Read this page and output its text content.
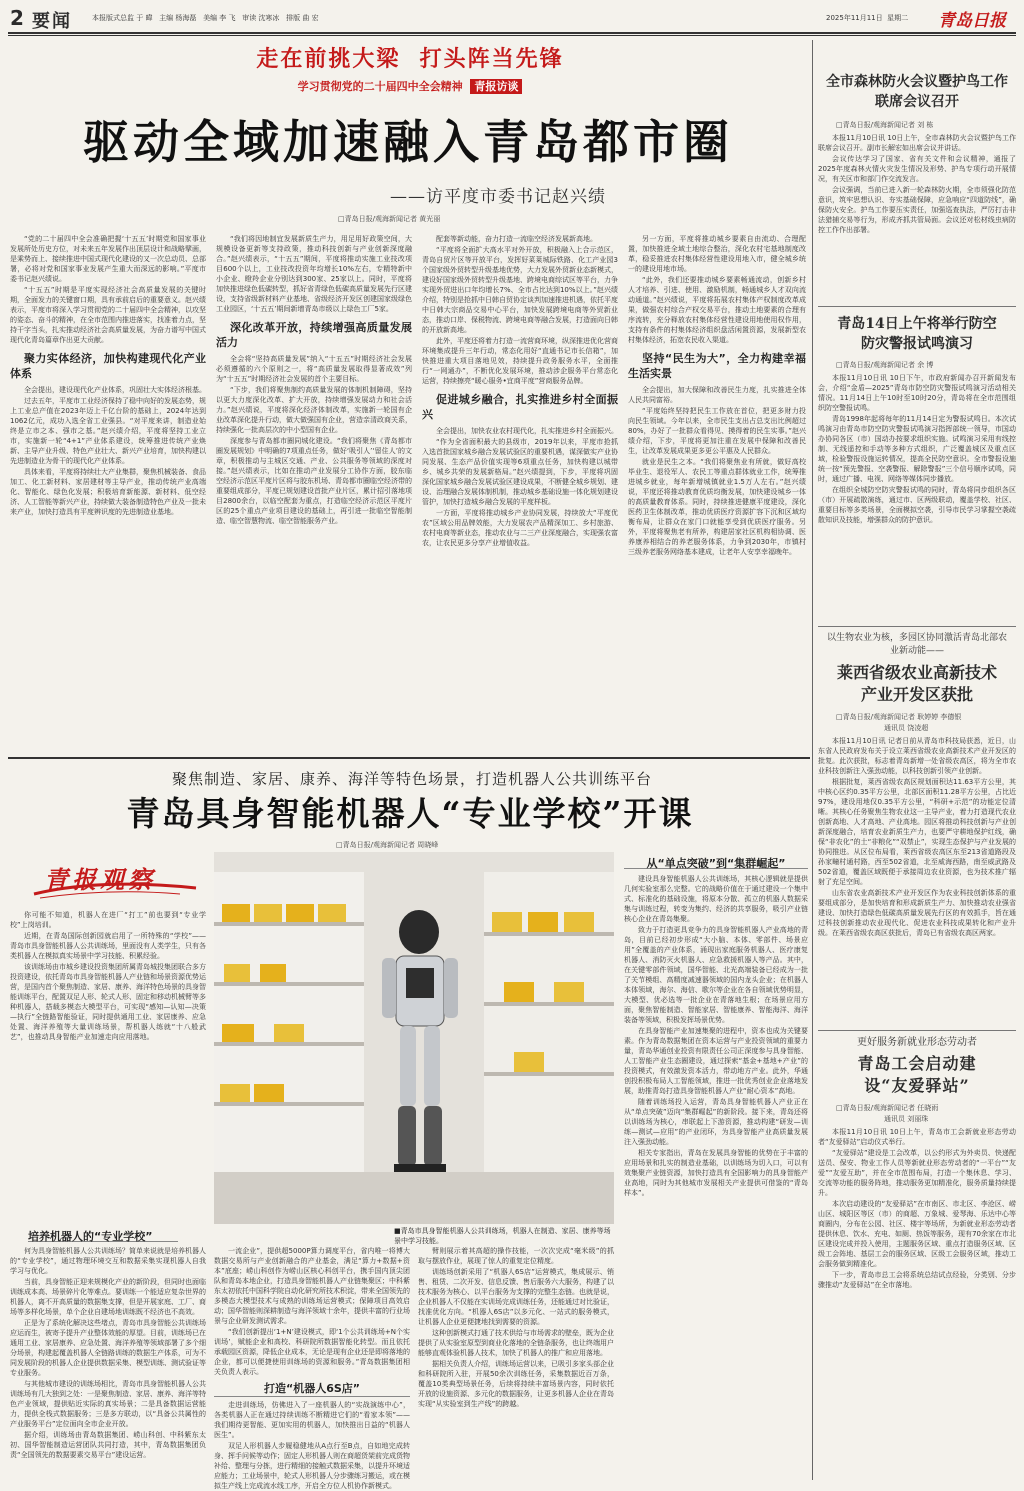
2 要闻	本报版式总监 于 暐 主编 杨海磊 美编 李 飞 审读 沈寒冰 排版 曲 宏	2025年11月11日 星期二 青岛日报
走在前挑大梁  打头阵当先锋
学习贯彻党的二十届四中全会精神 青报访谈
驱动全域加速融入青岛都市圈
——访平度市委书记赵兴绩
□青岛日报/观海新闻记者 黄光丽

“党的二十届四中全会准确把握‘十五五’时期党和国家事业发展所处历史方位，对未来五年发展作出顶层设计和战略擘画，是乘势而上、接续推进中国式现代化建设的又一次总动员、总部署，必将对党和国家事业发展产生重大而深远的影响。”平度市委书记赵兴绩说。

“十五五”时期是平度实现经济社会高质量发展的关键时期，全面发力的关键窗口期，具有承前启后的重要意义。赵兴绩表示，平度市将深入学习贯彻党的二十届四中全会精神，以攻坚的姿态、奋斗的精神，在全市范围内推进落实，找准着力点，坚持干字当头，扎实推动经济社会高质量发展，为奋力谱写中国式现代化青岛篇章作出更大贡献。

聚力实体经济，加快构建现代化产业体系

全会提出，建设现代化产业体系，巩固壮大实体经济根基。

过去五年，平度市工业经济保持了稳中向好的发展态势，规上工业总产值在2023年迈上千亿台阶的基础上，2024年达到1062亿元，成功入选全省工业强县。“对平度来讲，制造业始终是立市之本、强市之基。”赵兴绩介绍，平度将坚持工业立市，实施新一轮“4+1”产业体系建设，统筹推进传统产业焕新、主导产业升级、特色产业壮大、新兴产业培育，加快构建以先进制造业为骨干的现代化产业体系。

具体来看，平度将持续壮大产业集群，聚焦机械装备、食品加工、化工新材料、家居建材等主导产业，推动传统产业高端化、智能化、绿色化发展；积极培育新能源、新材料、低空经济、人工智能等新兴产业，持续做大装备制造特色产业及一批未来产业，加快打造具有平度辨识度的先进制造业基地。

“我们将因地制宜发展新质生产力，用足用好政策空间，大规模设备更新等支持政策，推动科技创新与产业创新深度融合。”赵兴绩表示，“十五五”期间，平度将推动实施工业技改项目600个以上，工业技改投资年均增长10%左右，专精特新中小企业、瞪羚企业分别达到300家、25家以上。同时，平度将加快推进绿色低碳转型，抓好省青绿色低碳高质量发展先行区建设，支持省级新材料产业基地、省级经济开发区创建国家级绿色工业园区，‘十五五’期间新增青岛市级以上绿色工厂5家。

深化改革开放，持续增强高质量发展活力

全会将“坚持高质量发展”纳入“十五五”时期经济社会发展必须遵循的六个原则之一，将“高质量发展取得显著成效”列为“十五五”时期经济社会发展的首个主要目标。

“下步，我们将聚焦制约高质量发展的体制机制障碍，坚持以更大力度深化改革、扩大开放，持续增强发展动力和社会活力。”赵兴绩说，平度将深化经济体制改革，实施新一轮国有企业改革深化提升行动，做大做强国有企业，营造亲清政商关系，持续强化一批高层次的中小型国有企业。

深度参与青岛都市圈同城化建设。“我们将聚焦《青岛都市圈发展规划》中明确的7项重点任务，做好‘吸引人’‘留住人’的文章，积极推动与主城区交通、产业、公共服务等领域的深度对接。”赵兴绩表示，比如在推动产业发展分工协作方面，胶东临空经济示范区平度片区将与胶东机场、青岛都市圈临空经济带的重要组成部分，平度已规划建设首批产业片区，累计招引落地项目2800余台，以临空配套为重点，打造临空经济示范区平度片区的25个重点产业项目建设的基础上，再引进一批临空智能制造、临空智慧物流、临空智能服务产业。

配套等新动能，奋力打造一流临空经济发展新高地。

“平度将全面扩大高水平对外开放，积极融入上合示范区，青岛自贸片区等开放平台，发挥好菜莱城际铁路、化工产业园3个国家级外贸转型升级基地优势，大力发展外贸新业态新模式，建设好国家级外贸转型升级基地、跨境电商综试区等平台，力争实现外贸进出口年均增长7%、全市占比达到10%以上。”赵兴绩介绍，特别是抢抓中日韩自贸协定谈判加速推进机遇，依托平度中日韩大宗商品交易中心平台，加快发展跨境电商等外贸新业态，推动口岸、保税物流、跨境电商等融合发展，打造面向日韩的开放新高地。

此外，平度还将着力打造一流营商环境，纵深推进优化营商环境集成提升三年行动，常态化用好“直通书记市长信箱”，加快推进重大项目落地见效，持续提升政务服务水平，全面推行“一网通办”，不断优化发展环境，推动涉企服务平台常态化运营，持续擦亮“暖心服务•宜商平度”营商服务品牌。

促进城乡融合，扎实推进乡村全面振兴

全会提出，加快农业农村现代化，扎实推进乡村全面振兴。

“作为全省面积最大的县级市，2019年以来，平度市抢抓入选首批国家城乡融合发展试验区的重要机遇，谋深做实产业协同发展、生态产品价值实现等6项重点任务，加快构建以城带乡、城乡共荣的发展新格局。”赵兴绩提到，下步，平度将巩固深化国家城乡融合发展试验区建设成果，不断健全城乡规划、建设、治理融合发展体制机制，推动城乡基础设施一体化规划建设管护，加快打造城乡融合发展的平度样板。

一方面，平度将推动城乡产业协同发展，持续放大“平度优农”区域公用品牌效能，大力发展农产品精深加工、乡村旅游、农村电商等新业态，推动农业与二三产业深度融合，实现强农富农，让农民更多分享产业增值收益。

另一方面，平度将推动城乡要素自由流动、合理配置，加快推进全域土地综合整治，深化农村宅基地制度改革，稳妥推进农村集体经营性建设用地入市，健全城乡统一的建设用地市场。

“此外，我们还要推动城乡要素畅通流动，创新乡村人才培养、引进、使用、激励机制，畅通城乡人才双向流动通道。”赵兴绩说，平度将拓展农村集体产权制度改革成果，做强农村综合产权交易平台，推动土地要素的合理有序流转，充分释放农村集体经营性建设用地使用权作用，支持有条件的村集体经济组织盘活闲置资源，发展新型农村集体经济，拓宽农民收入渠道。

坚持“民生为大”，全力构建幸福生活实景

全会提出，加大保障和改善民生力度，扎实推进全体人民共同富裕。

“平度始终坚持把民生工作放在首位，把更多财力投向民生领域。今年以来，全市民生支出占总支出比例超过80%，办好了一批群众看得见、摸得着的民生实事。”赵兴绩介绍，下步，平度将更加注重在发展中保障和改善民生，让改革发展成果更多更公平惠及人民群众。

就业是民生之本。“我们将聚焦业有所就，做好高校毕业生、退役军人、农民工等重点群体就业工作，统筹推进城乡就业，每年新增城镇就业1.5万人左右。”赵兴绩说，平度还将推动教育优质均衡发展，加快建设城乡一体的高质量教育体系。同时，持续推进健康平度建设，深化医药卫生体制改革，推动优质医疗资源扩容下沉和区域均衡布局，让群众在家门口就能享受到优质医疗服务。另外，平度将聚焦老有所养，构建居家社区机构相协调、医养康养相结合的养老服务体系，力争到2030年，市镇村三级养老服务网络基本建成，让老年人安享幸福晚年。

聚焦制造、家居、康养、海洋等特色场景，打造机器人公共训练平台
青岛具身智能机器人“专业学校”开课
□青岛日报/观海新闻记者 周晓峰
青报观察

你可能不知道，机器人在进厂“打工”前也要到“专业学校”上岗培训。

近期，在青岛国际创新园就启用了一所特殊的“学校”——青岛市具身智能机器人公共训练场，里面没有人类学生，只有各类机器人在模拟真实场景中学习技能、积累经验。

该训练场由市城乡建设投资集团所属青岛城投集团联合多方投资建设，依托青岛市具身智能机器人产业链和场景资源优势运营，是国内首个聚焦制造、家居、康养、海洋特色场景的具身智能训练平台，配置双足人形、轮式人形、固定和移动机械臂等多种机器人，搭载多模态大模型平台，可实现“感知—认知—决策—执行”全链路智能验证，同时提供通用工业、家居康养、应急处置、海洋养殖等大量训练场景，帮机器人练就“十八般武艺”，也推动具身智能产业加速走向应用落地。

■青岛市具身智能机器人公共训练场，机器人在制造、家居、康养等场景中学习技能。
培养机器人的“专业学校”

何为具身智能机器人公共训练场？简单来说就是培养机器人的“专业学校”，通过物理环境交互和数据采集实现机器人自我学习与优化。

当前，具身智能正迎来规模化产业的新阶段，但同时也面临训练成本高、场景碎片化等难点。要训练一个能适应复杂世界的机器人，离不开高质量的数据集支撑，但是开展家庭、工厂、商场等多样化场景，单个企业自建场地训练既不经济也不高效。

正是为了系统化解决这些堵点，青岛市具身智能公共训练场应运而生，被寄予提升产业整体效能的厚望。目前，训练场已在通用工业、家居康养、应急处置、海洋养殖等领域部署了多个细分场景，构建起覆盖机器人全链路训练的数据生产体系，可为不同发展阶段的机器人企业提供数据采集、模型训练、测试验证等专业服务。

与其他城市建设的训练场相比，青岛市具身智能机器人公共训练场有几大独到之处：一是聚焦制造、家居、康养、海洋等特色产业领域，提供贴近实际的真实场景；二是具备数据运营能力，提供全栈式数据服务；三是多方联动，以“具备公共属性的产业服务平台”定位面向全市企业开放。

据介绍，训练场由青岛数据集团、崂山科创、中科紫东太初、国华智能制造运营团队共同打造，其中，青岛数据集团负责“全国领先的数据要素交易平台”建设运营。

一流企业”，提供超5000P算力调度平台，省内唯一将博大数据交易所与产业创新融合的产业基金，满足“算力+数据+资本”底座；崂山科创作为崂山区核心科创平台，携手国内顶尖团队和青岛本地企业，打造具身智能机器人产业链集聚区；中科紫东太初依托中国科学院自动化研究所技术积淀，带来全国领先的多模态大模型技术与成熟的训练场运营模式；保障项目高效启动；国华智能则深耕制造与海洋领域十余年，提供丰富的行业场景与企业研发测试需求。

“我们创新提出‘1+N’建设模式，即‘1个公共训练场+N个实训场’，赋能企业和高校、科研院所数据智能化转型。而且依托承载园区资源，降低企业成本，无论是现有企业还是即将落地的企业，都可以便捷使用训练场的资源和服务。”青岛数据集团相关负责人表示。

打造“机器人6S店”

走进训练场，仿佛进入了一座机器人的“实战演练中心”，各类机器人正在通过持续训练不断精进它们的“看家本领”——我们期待更智能、更加实用的机器人，加快推出日益的“机器人医生”。

双足人形机器人步履稳健地从A点行至B点，自如地完成转身、挥手问候等动作；固定人形机器人则在商超货架前完成货物补给、整理与分拣，进行精细的接触式数据采集，以提升环境适应能力；工业场景中，轮式人形机器人分步骤练习搬运，或在模拟生产线上完成流水线工序，开启全方位人机协作新模式。

臂则展示着其高超的操作技能，一次次完成“毫米级”的抓取与摆放作业，展现了惊人的重复定位精度。

训练场创新采用了“机器人6S店”运营模式，集成展示、销售、租赁、二次开发、信息反馈、售后服务六大服务，构建了以技术服务为核心、以平台服务为支撑的完整生态链。也就是说，企业机器人不仅能在实训场完成训练任务，还能通过对比验证，找准优化方向。“机器人6S店”以多元化、一站式的服务模式，让机器人企业更便捷地找到需要的资源。

这种创新模式打通了技术供给与市场需求的壁垒，既为企业提供了从实验室原型到商业化落地的全链条服务，也让终端用户能够直观体验机器人技术，加快了机器人的推广和应用落地。

据相关负责人介绍，训练场运营以来，已吸引多家头部企业和科研院所入驻，开展50余次训练任务，采集数据近百万条，覆盖10类典型场景任务，后续将持续丰富场景内容，同时依托开放的设施资源、多元化的数据服务，让更多机器人企业在青岛实现“从实验室到生产线”的跨越。

从“单点突破”到“集群崛起”

建设具身智能机器人公共训练场，其核心逻辑就是提供几何实验室那么完整。它的战略价值在于通过建设一个集中式、标准化的基础设施，将原本分散、孤立的机器人数据采集与训练过程，转变为集约、经济的共享服务，吸引产业链核心企业在青岛集聚。

致力于打造更具竞争力的具身智能机器人产业高地的青岛，目前已经初步形成“大小脑、本体、零部件、场景应用”全覆盖的产业体系，涌现出家庭服务机器人、医疗康复机器人、消防灭火机器人、应急救援机器人等产品。其中，在关键零部件领域，国华智能、北光高端装备已经成为一批了关节模组、高精度减速器领域的国内龙头企业；在机器人本体领域，海尔、海信、歌尔等企业在各自领域优势明显，大模型、优必选等一批企业在青落地生根；在场景应用方面，聚焦智能制造、智能家居、智能康养、智能海洋、海洋装备等领域，积极发挥场景优势。

在具身智能产业加速集聚的进程中，资本也成为关键要素。作为青岛数据集团在资本运营与产业投资领域的重要力量，青岛华通创业投资有限责任公司正深度参与具身智能、人工智能产业生态圈建设，通过探索“基金+基地+产业”的投资模式，有效激发资本活力，带动地方产业。此外，华通创投积极布局人工智能领域，推进一批优秀创业企业落地发展，助推青岛打造具身智能机器人产业“耐心资本”高地。

随着训练场投入运营，青岛具身智能机器人产业正在从“单点突破”迈向“集群崛起”的新阶段。接下来，青岛还将以训练场为核心，串联起上下游资源，推动构建“研发—训练—测试—应用”的产业闭环，为具身智能产业高质量发展注入强劲动能。

相关专家指出，青岛在发展具身智能的优势在于丰富的应用场景和扎实的制造业基础，以训练场为切入口，可以有效集聚产业链资源，加快打造具有全国影响力的具身智能产业高地，同时为其他城市发展相关产业提供可借鉴的“青岛样本”。

全市森林防火会议暨护鸟工作联席会议召开
□青岛日报/观海新闻记者 刘 栋

本报11月10日讯 10日上午，全市森林防火会议暨护鸟工作联席会议召开。副市长解宏如出席会议并讲话。

会议传达学习了国家、省有关文件和会议精神，通报了2025年度森林火情火灾发生情况及形势、护鸟专项行动开展情况，有关区市和部门作交流发言。

会议强调，当前已进入新一轮森林防火期，全市须强化防范意识，筑牢思想认识、夯实基础保障，应急响应“四道防线”，确保防火安全。护鸟工作要压实责任，加强巡查执法，严厉打击非法猎捕交易等行为，形成齐抓共管局面。会议还对松材线虫病防控工作作出部署。

青岛14日上午将举行防空防灾警报试鸣演习
□青岛日报/观海新闻记者 余 博

本报11月10日讯 10日下午，市政府新闻办召开新闻发布会，介绍“金盾—2025”青岛市防空防灾警报试鸣演习活动相关情况。11月14日上午10时至10时20分，青岛将在全市范围组织防空警报试鸣。

青岛1998年起将每年的11月14日定为警报试鸣日。本次试鸣演习由青岛市防空防灾警报试鸣演习指挥部统一领导，市国动办协同各区（市）国动办按要求组织实施。试鸣演习采用有线控制、无线遥控和手动等多种方式组织，广泛覆盖城区及重点区域，检验警报设施运转情况，提高全民防空意识。全市警报设施统一按“预先警报、空袭警报、解除警报”三个信号顺序试鸣，同时，通过广播、电视、网络等媒体同步播放。

在组织全城防空防灾警报试鸣的同时，青岛将同步组织各区（市）开展疏散演练，通过市、区两级联动，覆盖学校、社区、重要目标等多类场景，全面模拟空袭，引导市民学习掌握空袭疏散知识及技能，增强群众的防护意识。

以生物农业为核，多园区协同激活青岛北部农业新动能——
莱西省级农业高新技术产业开发区获批
□青岛日报/观海新闻记者 耿婷婷 李德银
通讯员 饶凌超

本报11月10日讯 记者日前从青岛市科技局获悉，近日，山东省人民政府发布关于设立莱西省级农业高新技术产业开发区的批复。此次获批，标志着青岛新增一处省级农高区，将为全市农业科技创新注入强劲动能，以科技创新引领产业创新。

根据批复，莱西省级农高区规划面积达11.63平方公里，其中核心区约0.35平方公里，北部区面积11.28平方公里，占比近97%，建设用地仅0.35平方公里，“科研+示范”的功能定位清晰。其核心任务聚焦生物农业这一主导产业，着力打造现代农业创新高地、人才高地、产业高地。园区将推动科技创新与产业创新深度融合，培育农业新质生产力，也要严守耕地保护红线，确保“非农化”的土“非粮化”“双禁止”，实现生态保护与产业发展的协同推进。从区位布局看，莱西省级农高区东至213省道路段及孙家疃村通村路，西至502省道，北至威海西路，南至威武路及502省道，覆盖区域既便于承接周边农业资源，也为技术推广辐射了充足空间。

山东省农业高新技术产业开发区作为农业科技创新体系的重要组成部分，是加快培育和形成新质生产力、加快推动农业强省建设、加快打造绿色低碳高质量发展先行区的有效抓手，旨在通过科技创新推动农业现代化、促进农业科技成果转化和产业升级。在莱西省级农高区获批后，青岛已有省级农高区两家。

更好服务新就业形态劳动者
青岛工会启动建设“友爱驿站”
□青岛日报/观海新闻记者 任晓雨
通讯员 刘丽珠

本报11月10日讯 10日上午，青岛市工会新就业形态劳动者“友爱驿站”启动仪式举行。

“友爱驿站”建设是工会改革，以公约形式为外卖员、快递配送员、保安、物业工作人员等新就业形态劳动者的“一平台”“友爱”“友爱互助”，并在全市范围布局，打造一个集休息、学习、交流等功能的服务阵地，推动服务更加精准化，服务质量持续提升。

本次启动建设的“友爱驿站”在市南区、市北区、李沧区、崂山区、城阳区等区（市）的商超、万象城、爱琴海、乐达中心等商圈内，分布在公园、社区、楼宇等场所，为新就业形态劳动者提供休息、饮水、充电、如厕、热饭等服务，现有70余家在市北区建设完成并投入使用，主题服务区域、重点打造服务区域、区级工会阵地、基层工会的服务区域、区级工会服务区域，推动工会服务做到精准化。

下一步，青岛市总工会将系统总结试点经验，分类别、分步骤推动“友爱驿站”在全市落地。
